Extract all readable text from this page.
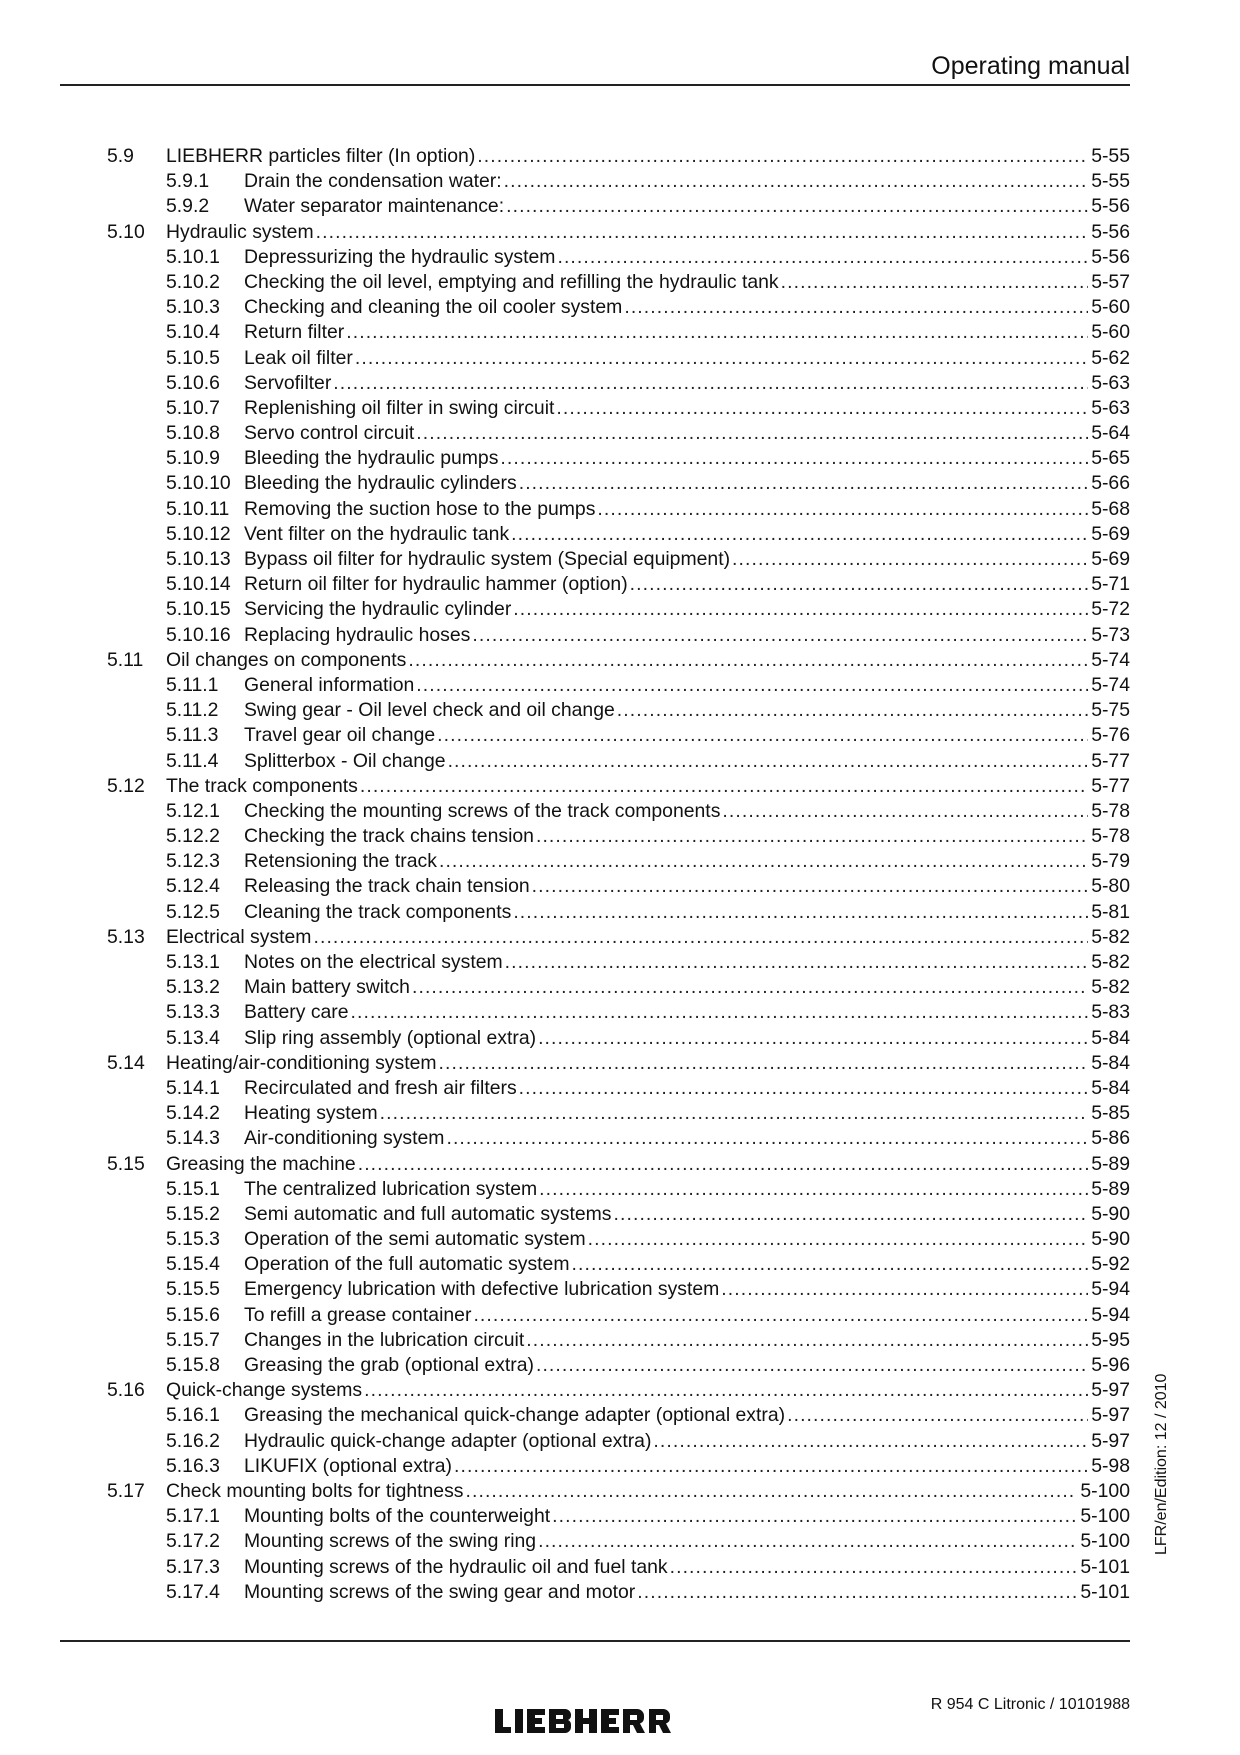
Operating manual
5.9 LIEBHERR particles filter (In option) .....	5-55
5.9.1 Drain the condensation water: .....	5-55
5.9.2 Water separator maintenance: .....	5-56
5.10 Hydraulic system .....	5-56
5.10.1 Depressurizing the hydraulic system .....	5-56
5.10.2 Checking the oil level, emptying and refilling the hydraulic tank .....	5-57
5.10.3 Checking and cleaning the oil cooler system .....	5-60
5.10.4 Return filter .....	5-60
5.10.5 Leak oil filter .....	5-62
5.10.6 Servofilter .....	5-63
5.10.7 Replenishing oil filter in swing circuit .....	5-63
5.10.8 Servo control circuit .....	5-64
5.10.9 Bleeding the hydraulic pumps .....	5-65
5.10.10 Bleeding the hydraulic cylinders .....	5-66
5.10.11 Removing the suction hose to the pumps .....	5-68
5.10.12 Vent filter on the hydraulic tank .....	5-69
5.10.13 Bypass oil filter for hydraulic system (Special equipment) .....	5-69
5.10.14 Return oil filter for hydraulic hammer (option) .....	5-71
5.10.15 Servicing the hydraulic cylinder .....	5-72
5.10.16 Replacing hydraulic hoses .....	5-73
5.11 Oil changes on components .....	5-74
5.11.1 General information .....	5-74
5.11.2 Swing gear - Oil level check and oil change .....	5-75
5.11.3 Travel gear oil change .....	5-76
5.11.4 Splitterbox - Oil change .....	5-77
5.12 The track components .....	5-77
5.12.1 Checking the mounting screws of the track components .....	5-78
5.12.2 Checking the track chains tension .....	5-78
5.12.3 Retensioning the track .....	5-79
5.12.4 Releasing the track chain tension .....	5-80
5.12.5 Cleaning the track components .....	5-81
5.13 Electrical system .....	5-82
5.13.1 Notes on the electrical system .....	5-82
5.13.2 Main battery switch .....	5-82
5.13.3 Battery care .....	5-83
5.13.4 Slip ring assembly (optional extra) .....	5-84
5.14 Heating/air-conditioning system .....	5-84
5.14.1 Recirculated and fresh air filters .....	5-84
5.14.2 Heating system .....	5-85
5.14.3 Air-conditioning system .....	5-86
5.15 Greasing the machine .....	5-89
5.15.1 The centralized lubrication system .....	5-89
5.15.2 Semi automatic and full automatic systems .....	5-90
5.15.3 Operation of the semi automatic system .....	5-90
5.15.4 Operation of the full automatic system .....	5-92
5.15.5 Emergency lubrication with defective lubrication system .....	5-94
5.15.6 To refill a grease container .....	5-94
5.15.7 Changes in the lubrication circuit .....	5-95
5.15.8 Greasing the grab (optional extra) .....	5-96
5.16 Quick-change systems .....	5-97
5.16.1 Greasing the mechanical quick-change adapter (optional extra) .....	5-97
5.16.2 Hydraulic quick-change adapter (optional extra) .....	5-97
5.16.3 LIKUFIX (optional extra) .....	5-98
5.17 Check mounting bolts for tightness .....	5-100
5.17.1 Mounting bolts of the counterweight .....	5-100
5.17.2 Mounting screws of the swing ring .....	5-100
5.17.3 Mounting screws of the hydraulic oil and fuel tank .....	5-101
5.17.4 Mounting screws of the swing gear and motor .....	5-101
LFR/en/Edition: 12 / 2010
R 954 C Litronic / 10101988
